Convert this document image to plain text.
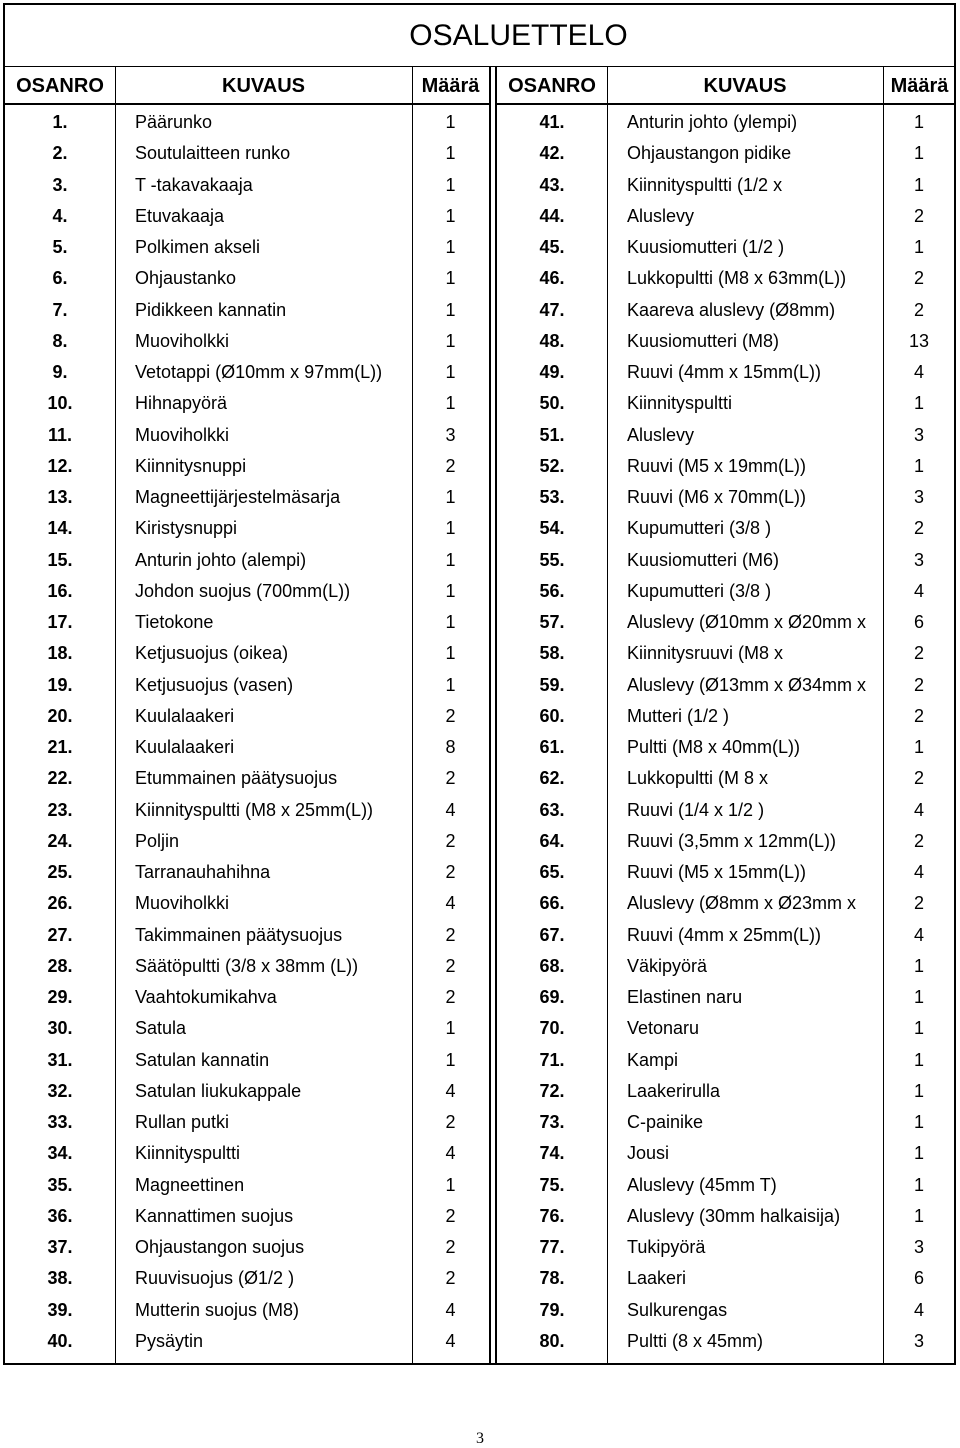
OSALUETTELO
OSANRO	KUVAUS	Määrä
1.	Päärunko	1
2.	Soutulaitteen runko	1
3.	T -takavakaaja	1
4.	Etuvakaaja	1
5.	Polkimen akseli	1
6.	Ohjaustanko	1
7.	Pidikkeen kannatin	1
8.	Muoviholkki	1
9.	Vetotappi (Ø10mm x 97mm(L))	1
10.	Hihnapyörä	1
11.	Muoviholkki	3
12.	Kiinnitysnuppi	2
13.	Magneettijärjestelmäsarja	1
14.	Kiristysnuppi	1
15.	Anturin johto (alempi)	1
16.	Johdon suojus (700mm(L))	1
17.	Tietokone	1
18.	Ketjusuojus (oikea)	1
19.	Ketjusuojus (vasen)	1
20.	Kuulalaakeri	2
21.	Kuulalaakeri	8
22.	Etummainen päätysuojus	2
23.	Kiinnityspultti (M8 x 25mm(L))	4
24.	Poljin	2
25.	Tarranauhahihna	2
26.	Muoviholkki	4
27.	Takimmainen päätysuojus	2
28.	Säätöpultti (3/8 x 38mm (L))	2
29.	Vaahtokumikahva	2
30.	Satula	1
31.	Satulan kannatin	1
32.	Satulan liukukappale	4
33.	Rullan putki	2
34.	Kiinnityspultti	4
35.	Magneettinen	1
36.	Kannattimen suojus	2
37.	Ohjaustangon suojus	2
38.	Ruuvisuojus (Ø1/2 )	2
39.	Mutterin suojus (M8)	4
40.	Pysäytin	4
OSANRO	KUVAUS	Määrä
41.	Anturin johto (ylempi)	1
42.	Ohjaustangon pidike	1
43.	Kiinnityspultti (1/2 x	1
44.	Aluslevy	2
45.	Kuusiomutteri (1/2 )	1
46.	Lukkopultti (M8 x 63mm(L))	2
47.	Kaareva aluslevy (Ø8mm)	2
48.	Kuusiomutteri (M8)	13
49.	Ruuvi (4mm x 15mm(L))	4
50.	Kiinnityspultti	1
51.	Aluslevy	3
52.	Ruuvi (M5 x 19mm(L))	1
53.	Ruuvi (M6 x 70mm(L))	3
54.	Kupumutteri (3/8 )	2
55.	Kuusiomutteri (M6)	3
56.	Kupumutteri (3/8 )	4
57.	Aluslevy (Ø10mm x Ø20mm x	6
58.	Kiinnitysruuvi (M8 x	2
59.	Aluslevy (Ø13mm x Ø34mm x	2
60.	Mutteri (1/2 )	2
61.	Pultti (M8 x 40mm(L))	1
62.	Lukkopultti (M 8 x	2
63.	Ruuvi (1/4 x 1/2 )	4
64.	Ruuvi (3,5mm x 12mm(L))	2
65.	Ruuvi (M5 x 15mm(L))	4
66.	Aluslevy (Ø8mm x Ø23mm x	2
67.	Ruuvi (4mm x 25mm(L))	4
68.	Väkipyörä	1
69.	Elastinen naru	1
70.	Vetonaru	1
71.	Kampi	1
72.	Laakerirulla	1
73.	C-painike	1
74.	Jousi	1
75.	Aluslevy (45mm T)	1
76.	Aluslevy (30mm halkaisija)	1
77.	Tukipyörä	3
78.	Laakeri	6
79.	Sulkurengas	4
80.	Pultti (8 x 45mm)	3
3
